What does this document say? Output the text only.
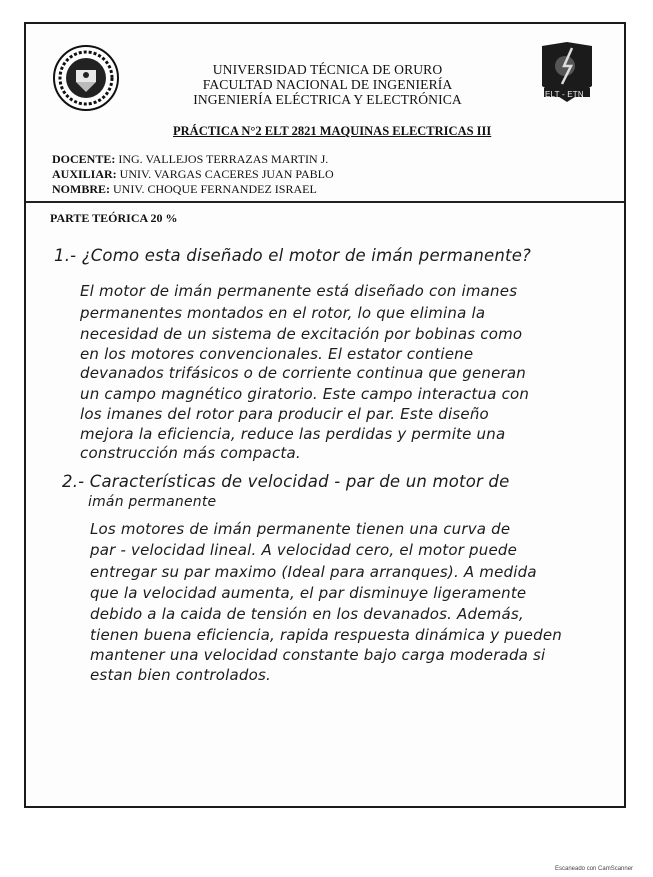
ELT - ETN
UNIVERSIDAD TÉCNICA DE ORURO
FACULTAD NACIONAL DE INGENIERÍA
INGENIERÍA ELÉCTRICA Y ELECTRÓNICA
PRÁCTICA N°2 ELT 2821 MAQUINAS ELECTRICAS III
DOCENTE: ING. VALLEJOS TERRAZAS MARTIN J.
AUXILIAR: UNIV. VARGAS CACERES JUAN PABLO
NOMBRE: UNIV. CHOQUE FERNANDEZ ISRAEL
PARTE TEÓRICA 20 %
1.- ¿Como esta diseñado el motor de imán permanente?
El motor de imán permanente está diseñado con imanes
permanentes montados en el rotor, lo que elimina la
necesidad de un sistema de excitación por bobinas como
en los motores convencionales. El estator contiene
devanados trifásicos o de corriente continua que generan
un campo magnético giratorio. Este campo interactua con
los imanes del rotor para producir el par. Este diseño
mejora la eficiencia, reduce las perdidas y permite una
construcción más compacta.
2.- Características de velocidad - par de un motor de
imán permanente
Los motores de imán permanente tienen una curva de
par - velocidad lineal. A velocidad cero, el motor puede
entregar su par maximo (Ideal para arranques). A medida
que la velocidad aumenta, el par disminuye ligeramente
debido a la caida de tensión en los devanados. Además,
tienen buena eficiencia, rapida respuesta dinámica y pueden
mantener una velocidad constante bajo carga moderada si
estan bien controlados.
Escaneado con CamScanner
